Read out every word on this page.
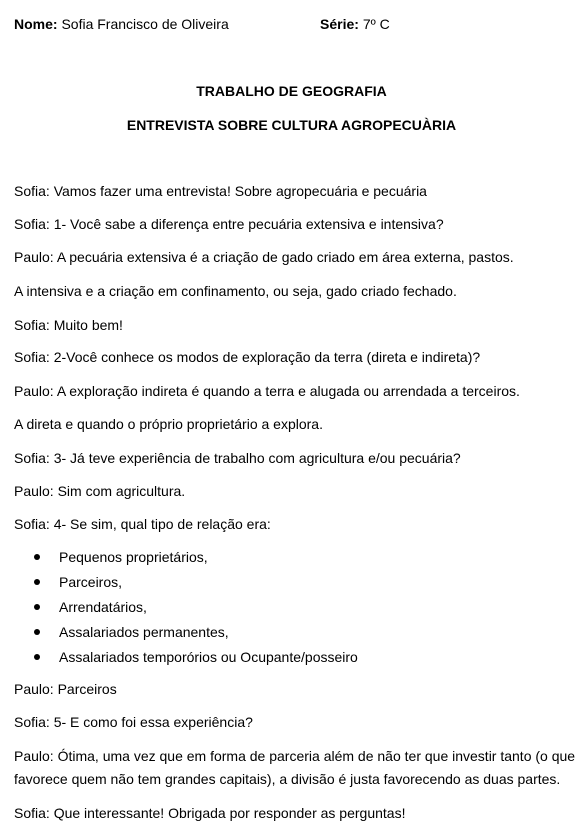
Nome: Sofia Francisco de Oliveira	Série: 7º C
TRABALHO DE GEOGRAFIA
ENTREVISTA SOBRE CULTURA AGROPECUÀRIA
Sofia: Vamos fazer uma entrevista! Sobre agropecuária e pecuária
Sofia: 1- Você sabe a diferença entre pecuária extensiva e intensiva?
Paulo: A pecuária extensiva é a criação de gado criado em área externa, pastos.
A intensiva e a criação em confinamento, ou seja, gado criado fechado.
Sofia: Muito bem!
Sofia: 2-Você conhece os modos de exploração da terra (direta e indireta)?
Paulo: A exploração indireta é quando a terra e alugada ou arrendada a terceiros.
A direta e quando o próprio proprietário a explora.
Sofia: 3- Já teve experiência de trabalho com agricultura e/ou pecuária?
Paulo: Sim com agricultura.
Sofia: 4- Se sim, qual tipo de relação era:
Pequenos proprietários,
Parceiros,
Arrendatários,
Assalariados permanentes,
Assalariados temporórios ou Ocupante/posseiro
Paulo: Parceiros
Sofia: 5- E como foi essa experiência?
Paulo: Ótima, uma vez que em forma de parceria além de não ter que investir tanto (o que
favorece quem não tem grandes capitais), a divisão é justa favorecendo as duas partes.
Sofia: Que interessante! Obrigada por responder as perguntas!
